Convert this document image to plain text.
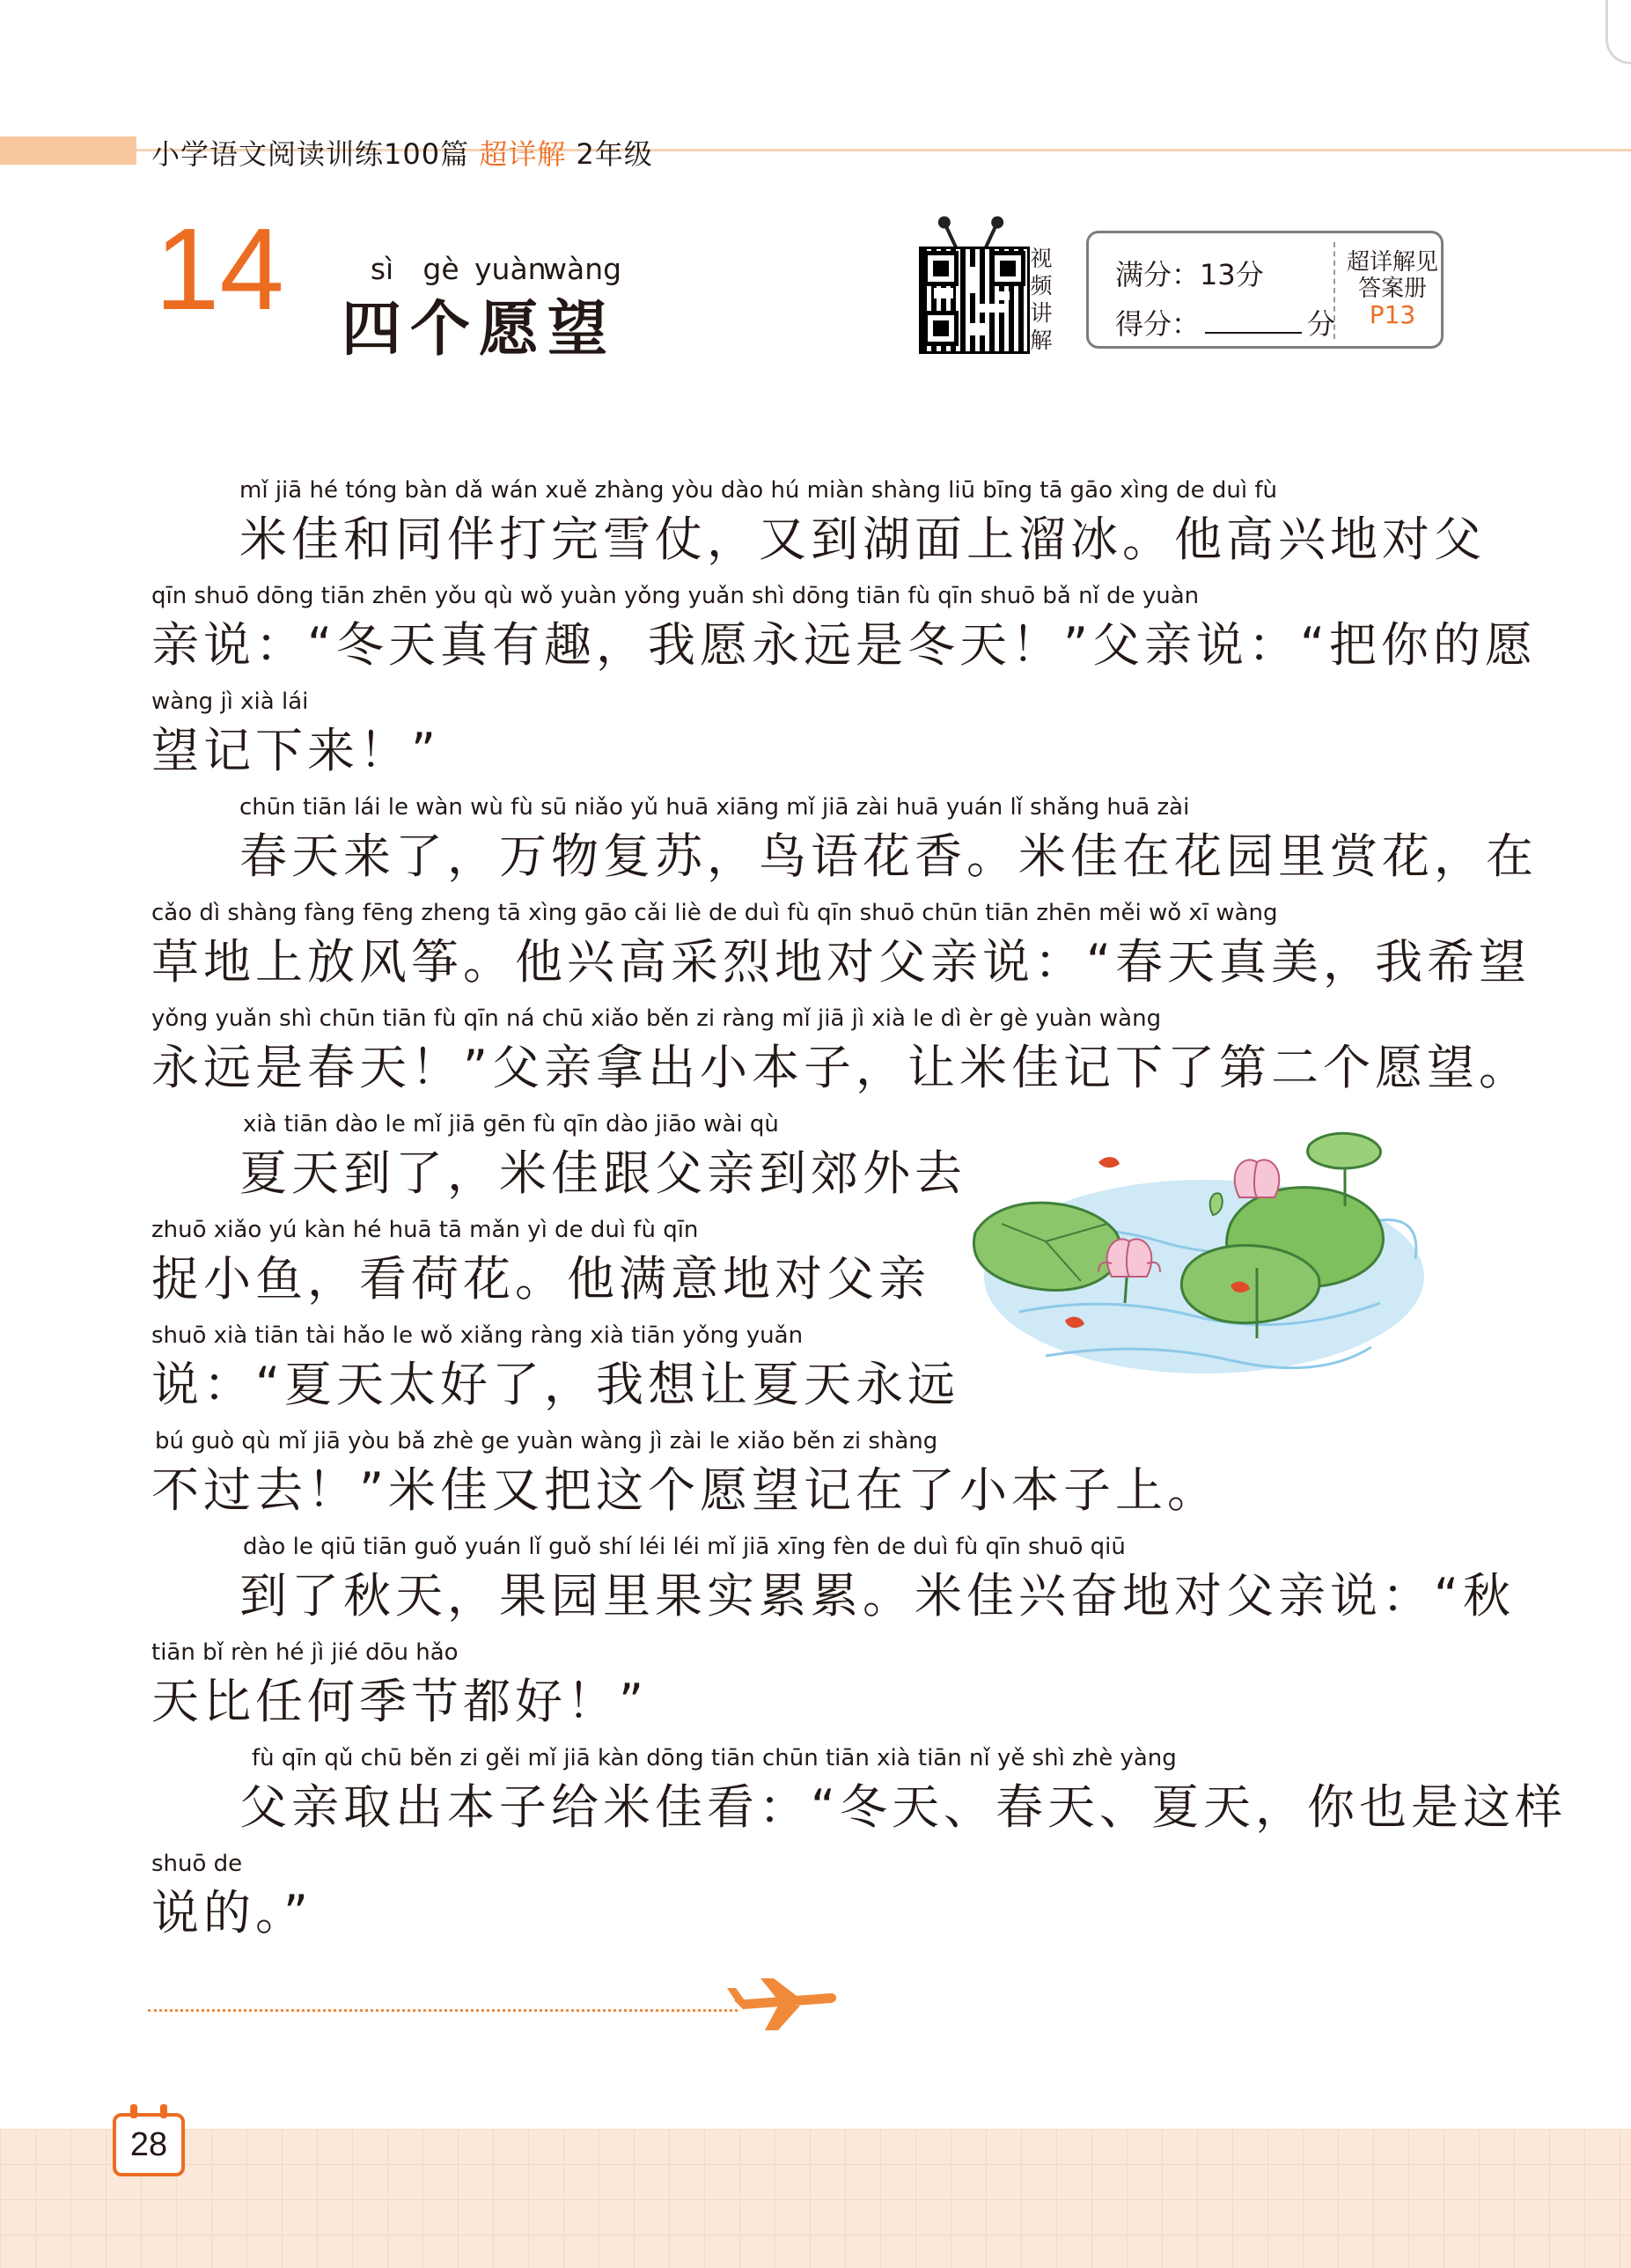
小学语文阅读训练100篇 超详解 2年级
14	sì gè yuànwàng
四个愿望
视频讲解
满分：13分
得分：	分
超详解见
答案册
P13
mǐ jiā hé tóng bàn dǎ wán xuě zhàng yòu dào hú miàn shàng liū bīng tā gāo xìng de duì fù
米佳和同伴打完雪仗，又到湖面上溜冰。他高兴地对父
qīn shuō dōng tiān zhēn yǒu qù wǒ yuàn yǒng yuǎn shì dōng tiān fù qīn shuō bǎ nǐ de yuàn
亲说：“冬天真有趣，我愿永远是冬天！”父亲说：“把你的愿
wàng jì xià lái
望记下来！”
chūn tiān lái le wàn wù fù sū niǎo yǔ huā xiāng mǐ jiā zài huā yuán lǐ shǎng huā zài
春天来了，万物复苏，鸟语花香。米佳在花园里赏花，在
cǎo dì shàng fàng fēng zheng tā xìng gāo cǎi liè de duì fù qīn shuō chūn tiān zhēn měi wǒ xī wàng
草地上放风筝。他兴高采烈地对父亲说：“春天真美，我希望
yǒng yuǎn shì chūn tiān fù qīn ná chū xiǎo běn zi ràng mǐ jiā jì xià le dì èr gè yuàn wàng
永远是春天！”父亲拿出小本子，让米佳记下了第二个愿望。
xià tiān dào le mǐ jiā gēn fù qīn dào jiāo wài qù
夏天到了，米佳跟父亲到郊外去
zhuō xiǎo yú kàn hé huā tā mǎn yì de duì fù qīn
捉小鱼，看荷花。他满意地对父亲
shuō xià tiān tài hǎo le wǒ xiǎng ràng xià tiān yǒng yuǎn
说：“夏天太好了，我想让夏天永远
bú guò qù mǐ jiā yòu bǎ zhè ge yuàn wàng jì zài le xiǎo běn zi shàng
不过去！”米佳又把这个愿望记在了小本子上。
dào le qiū tiān guǒ yuán lǐ guǒ shí léi léi mǐ jiā xīng fèn de duì fù qīn shuō qiū
到了秋天，果园里果实累累。米佳兴奋地对父亲说：“秋
tiān bǐ rèn hé jì jié dōu hǎo
天比任何季节都好！”
fù qīn qǔ chū běn zi gěi mǐ jiā kàn dōng tiān chūn tiān xià tiān nǐ yě shì zhè yàng
父亲取出本子给米佳看：“冬天、春天、夏天，你也是这样
shuō de
说的。”
28
